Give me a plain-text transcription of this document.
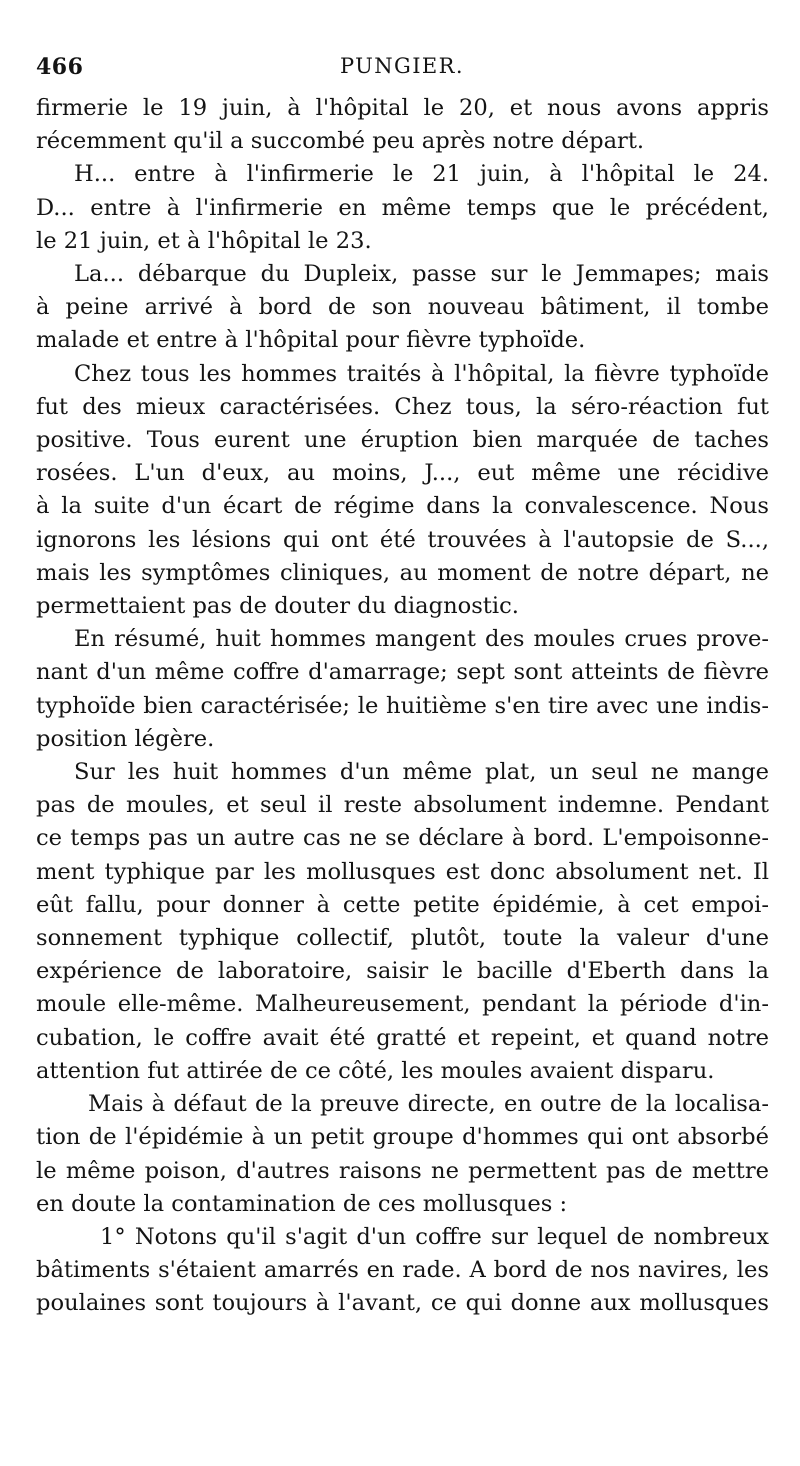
466	PUNGIER.
firmerie le 19 juin, à l'hôpital le 20, et nous avons appris
récemment qu'il a succombé peu après notre départ.
H... entre à l'infirmerie le 21 juin, à l'hôpital le 24.
D... entre à l'infirmerie en même temps que le précédent,
le 21 juin, et à l'hôpital le 23.
La... débarque du Dupleix, passe sur le Jemmapes; mais
à peine arrivé à bord de son nouveau bâtiment, il tombe
malade et entre à l'hôpital pour fièvre typhoïde.
Chez tous les hommes traités à l'hôpital, la fièvre typhoïde
fut des mieux caractérisées. Chez tous, la séro-réaction fut
positive. Tous eurent une éruption bien marquée de taches
rosées. L'un d'eux, au moins, J..., eut même une récidive
à la suite d'un écart de régime dans la convalescence. Nous
ignorons les lésions qui ont été trouvées à l'autopsie de S...,
mais les symptômes cliniques, au moment de notre départ, ne
permettaient pas de douter du diagnostic.
En résumé, huit hommes mangent des moules crues prove-
nant d'un même coffre d'amarrage; sept sont atteints de fièvre
typhoïde bien caractérisée; le huitième s'en tire avec une indis-
position légère.
Sur les huit hommes d'un même plat, un seul ne mange
pas de moules, et seul il reste absolument indemne. Pendant
ce temps pas un autre cas ne se déclare à bord. L'empoisonne-
ment typhique par les mollusques est donc absolument net. Il
eût fallu, pour donner à cette petite épidémie, à cet empoi-
sonnement typhique collectif, plutôt, toute la valeur d'une
expérience de laboratoire, saisir le bacille d'Eberth dans la
moule elle-même. Malheureusement, pendant la période d'in-
cubation, le coffre avait été gratté et repeint, et quand notre
attention fut attirée de ce côté, les moules avaient disparu.
Mais à défaut de la preuve directe, en outre de la localisa-
tion de l'épidémie à un petit groupe d'hommes qui ont absorbé
le même poison, d'autres raisons ne permettent pas de mettre
en doute la contamination de ces mollusques :
1° Notons qu'il s'agit d'un coffre sur lequel de nombreux
bâtiments s'étaient amarrés en rade. A bord de nos navires, les
poulaines sont toujours à l'avant, ce qui donne aux mollusques
